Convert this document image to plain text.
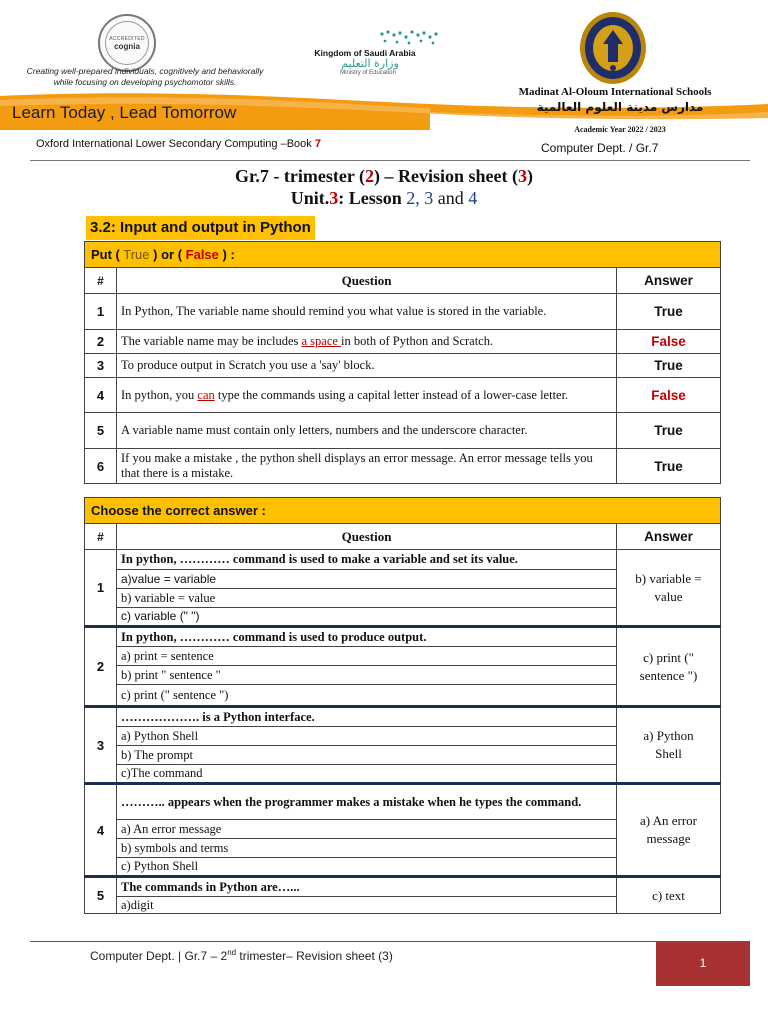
ACCREDITED
cognia
Creating well-prepared individuals, cognitively and behaviorally
while focusing on developing psychomotor skills.
Learn Today , Lead Tomorrow
Kingdom of Saudi Arabia
وزارة التعليم
Ministry of Education
Madinat Al-Oloum International Schools
مدارس مدينة العلوم العالمية
Academic Year 2022 / 2023
Oxford International Lower Secondary Computing –Book 7	Computer Dept. / Gr.7
Gr.7 - trimester (2) – Revision sheet (3)
Unit.3: Lesson 2, 3 and 4
3.2: Input and output in Python
Put ( True ) or ( False ) :		
#	Question	Answer
1	In Python, The variable name should remind you what value is stored in the variable.	True
2	The variable name may be includes a space in both of Python and Scratch.	False
3	To produce output in Scratch you use a 'say' block.	True
4	In python, you can type the commands using a capital letter instead of a lower-case letter.	False
5	A variable name must contain only letters, numbers and the underscore character.	True
6	If you make a mistake , the python shell displays an error message. An error message tells you that there is a mistake.	True
Choose the correct answer :		
#	Question	Answer
1	In python, ………… command is used to make a variable and set its value.	b) variable =
value
	a)value = variable	
	b) variable = value	
	c) variable (" ")	
2	In python, ………… command is used to produce output.	c) print ("
sentence ")
	a) print = sentence	
	b) print " sentence "	
	c) print (" sentence ")	
3	………………. is a Python interface.	a) Python
Shell
	a) Python Shell	
	b) The prompt	
	c)The command	
4	……….. appears when the programmer makes a mistake when he types the command.	a) An error
message
	a) An error message	
	b) symbols and terms	
	c) Python Shell	
5	The commands in Python are…...	c) text
	a)digit	
Computer Dept. | Gr.7 – 2nd trimester– Revision sheet (3)	1
